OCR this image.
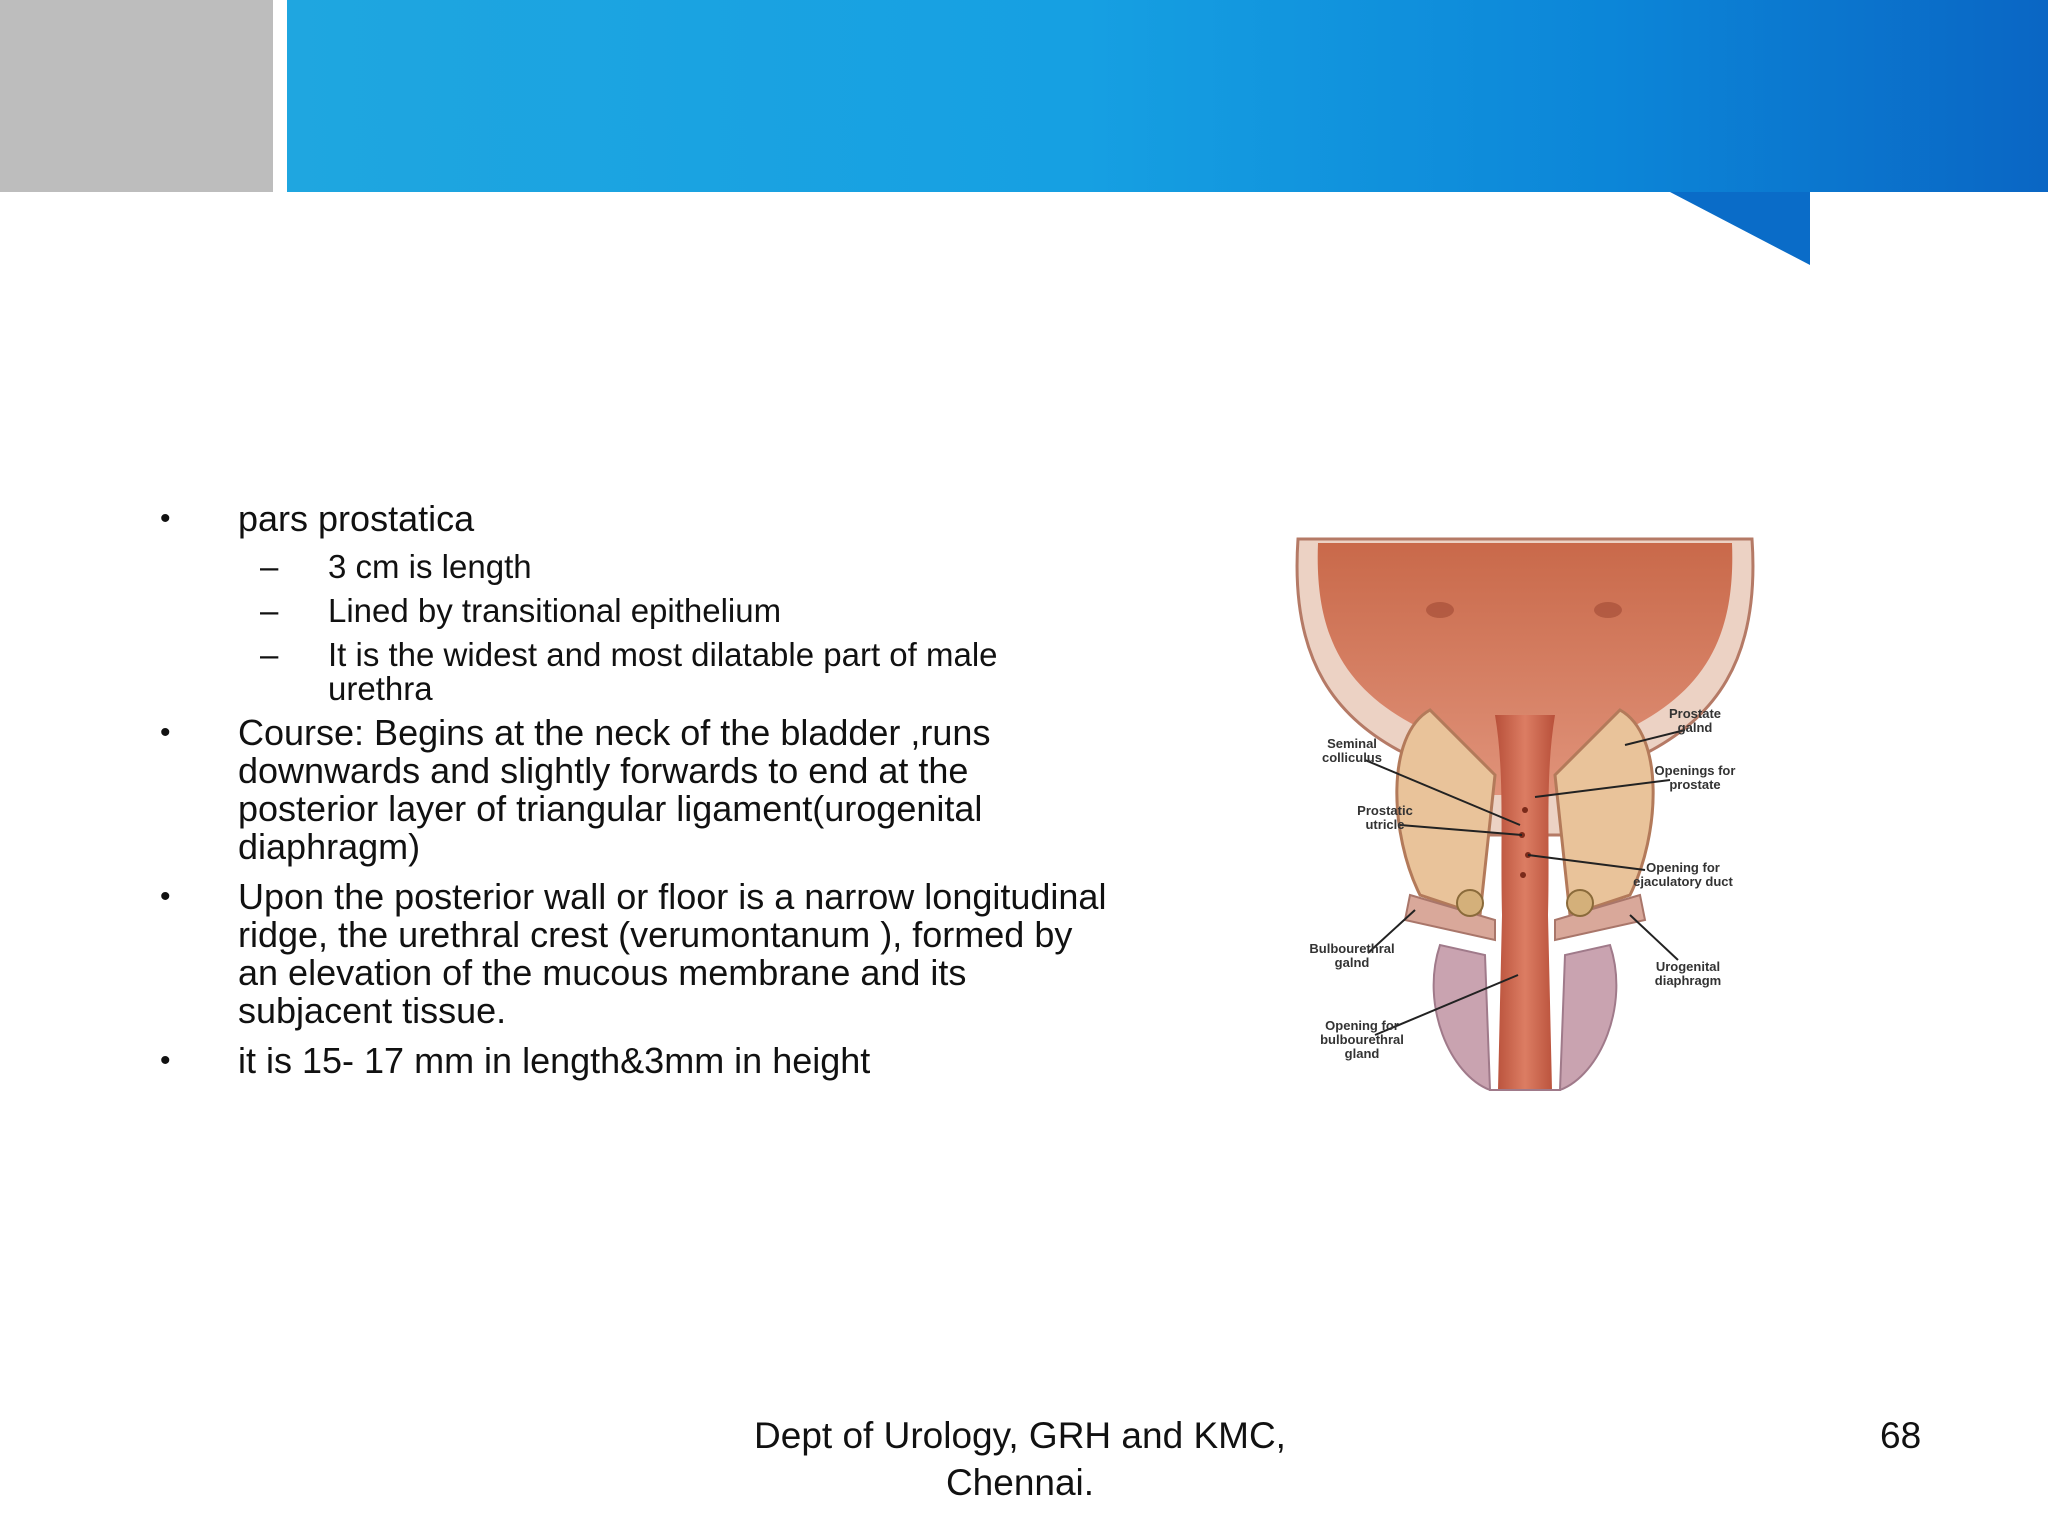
• pars prostatica
– 3 cm is length
– Lined by transitional epithelium
– It is the widest and most dilatable part of male urethra
• Course: Begins at the neck of the bladder ,runs downwards and slightly forwards to end at the posterior layer of triangular ligament(urogenital diaphragm)
• Upon the posterior wall or floor is a narrow longitudinal ridge, the urethral crest (verumontanum ), formed by an elevation of the mucous membrane and its subjacent tissue.
• it is 15- 17 mm in length&3mm in height
Seminal colliculus
Prostatic utricle
Bulbourethral galnd
Opening for bulbourethral gland
Prostate galnd
Openings for prostate
Opening for ejaculatory duct
Urogenital diaphragm
Dept of Urology, GRH and KMC,
Chennai.
68
